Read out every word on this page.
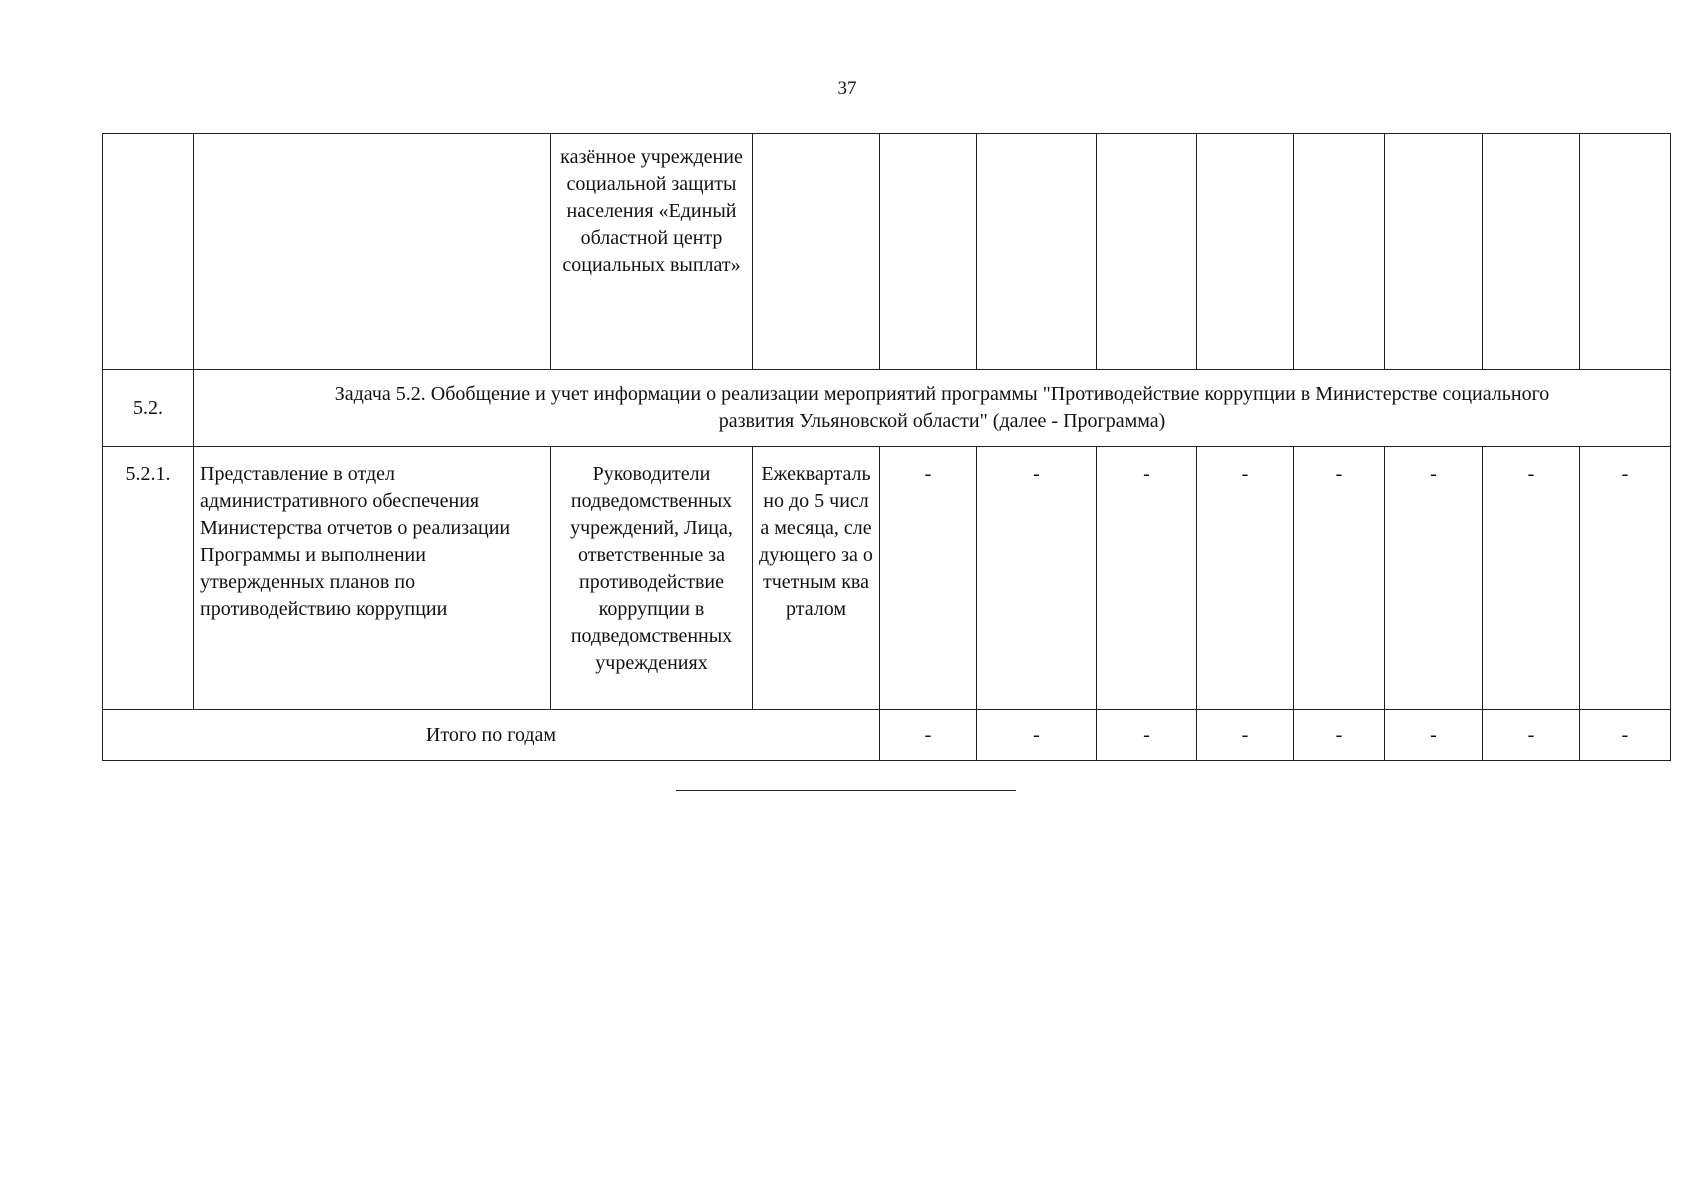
37
		казённое учреждение социальной защиты населения «Единый областной центр социальных выплат»									
5.2.	Задача 5.2. Обобщение и учет информации о реализации мероприятий программы "Противодействие коррупции в Министерстве социального развития Ульяновской области" (далее - Программа)										
5.2.1.	Представление в отдел административного обеспечения Министерства отчетов о реализации Программы и выполнении утвержденных планов по противодействию коррупции	Руководители подведомственных учреждений, Лица, ответственные за противодействие коррупции в подведомственных учреждениях	Ежеквартально до 5 числа месяца, следующего за отчетным кварталом	-	-	-	-	-	-	-	-
Итого по годам				-	-	-	-	-	-	-	-
